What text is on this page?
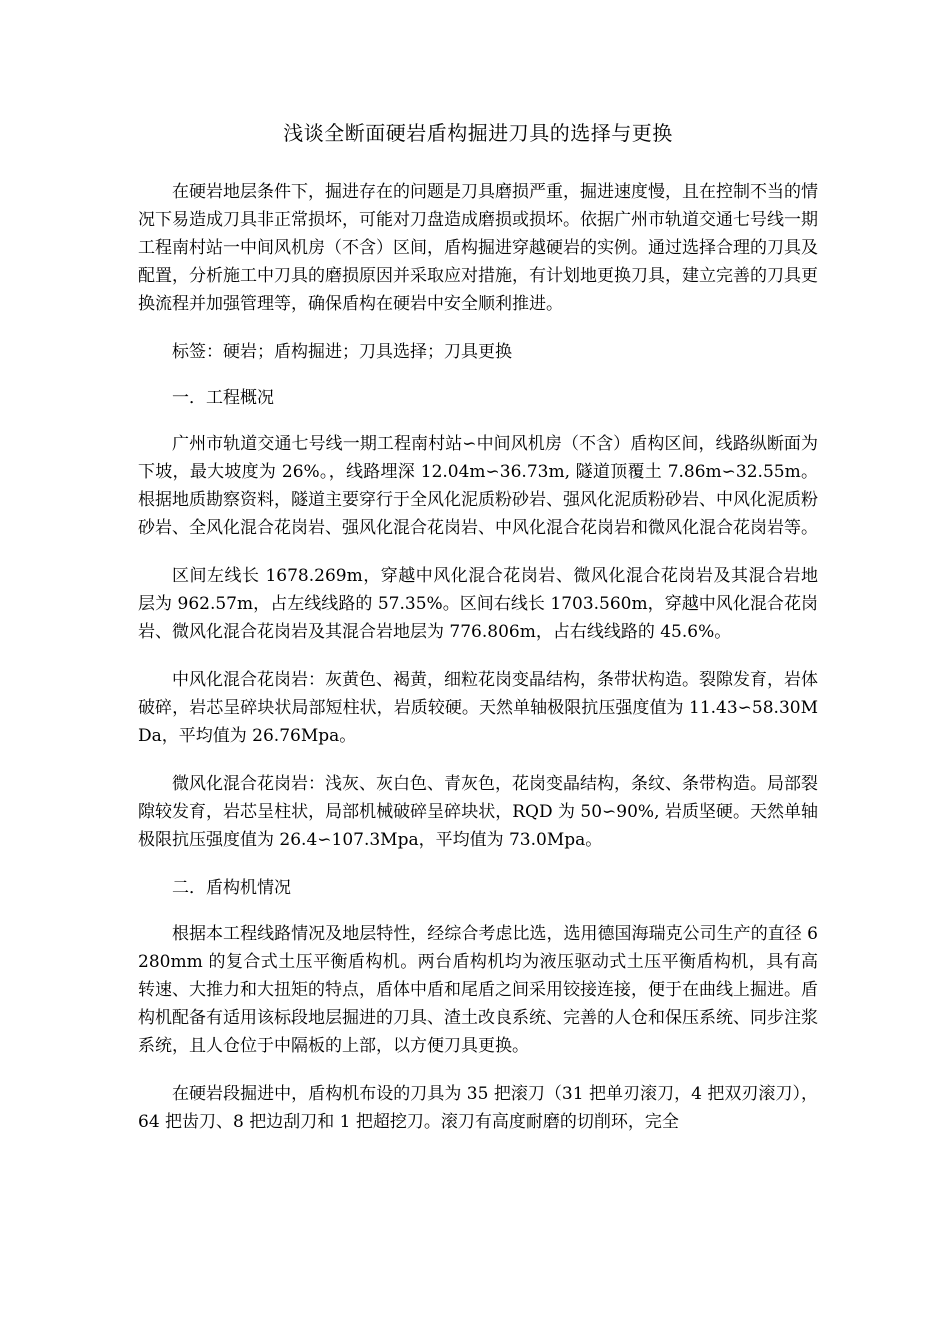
浅谈全断面硬岩盾构掘进刀具的选择与更换

在硬岩地层条件下，掘进存在的问题是刀具磨损严重，掘进速度慢，且在控制不当的情况下易造成刀具非正常损坏，可能对刀盘造成磨损或损坏。依据广州市轨道交通七号线一期工程南村站一中间风机房（不含）区间，盾构掘进穿越硬岩的实例。通过选择合理的刀具及配置，分析施工中刀具的磨损原因并采取应对措施，有计划地更换刀具，建立完善的刀具更换流程并加强管理等，确保盾构在硬岩中安全顺利推进。

标签：硬岩；盾构掘进；刀具选择；刀具更换

一．工程概况

广州市轨道交通七号线一期工程南村站∽中间风机房（不含）盾构区间，线路纵断面为下坡，最大坡度为 26%。，线路埋深 12.04m∽36.73m, 隧道顶覆土 7.86m∽32.55m。根据地质勘察资料，隧道主要穿行于全风化泥质粉砂岩、强风化泥质粉砂岩、中风化泥质粉砂岩、全风化混合花岗岩、强风化混合花岗岩、中风化混合花岗岩和微风化混合花岗岩等。

区间左线长 1678.269m，穿越中风化混合花岗岩、微风化混合花岗岩及其混合岩地层为 962.57m，占左线线路的 57.35%。区间右线长 1703.560m，穿越中风化混合花岗岩、微风化混合花岗岩及其混合岩地层为 776.806m，占右线线路的 45.6%。

中风化混合花岗岩：灰黄色、褐黄，细粒花岗变晶结构，条带状构造。裂隙发育，岩体破碎，岩芯呈碎块状局部短柱状，岩质较硬。天然单轴极限抗压强度值为 11.43∽58.30MDa，平均值为 26.76Mpa。

微风化混合花岗岩：浅灰、灰白色、青灰色，花岗变晶结构，条纹、条带构造。局部裂隙较发育，岩芯呈柱状，局部机械破碎呈碎块状，RQD 为 50∽90%, 岩质坚硬。天然单轴极限抗压强度值为 26.4∽107.3Mpa，平均值为 73.0Mpa。

二．盾构机情况

根据本工程线路情况及地层特性，经综合考虑比选，选用德国海瑞克公司生产的直径 6280mm 的复合式土压平衡盾构机。两台盾构机均为液压驱动式土压平衡盾构机，具有高转速、大推力和大扭矩的特点，盾体中盾和尾盾之间采用铰接连接，便于在曲线上掘进。盾构机配备有适用该标段地层掘进的刀具、渣土改良系统、完善的人仓和保压系统、同步注浆系统，且人仓位于中隔板的上部，以方便刀具更换。

在硬岩段掘进中，盾构机布设的刀具为 35 把滚刀（31 把单刃滚刀，4 把双刃滚刀），64 把齿刀、8 把边刮刀和 1 把超挖刀。滚刀有高度耐磨的切削环，完全
